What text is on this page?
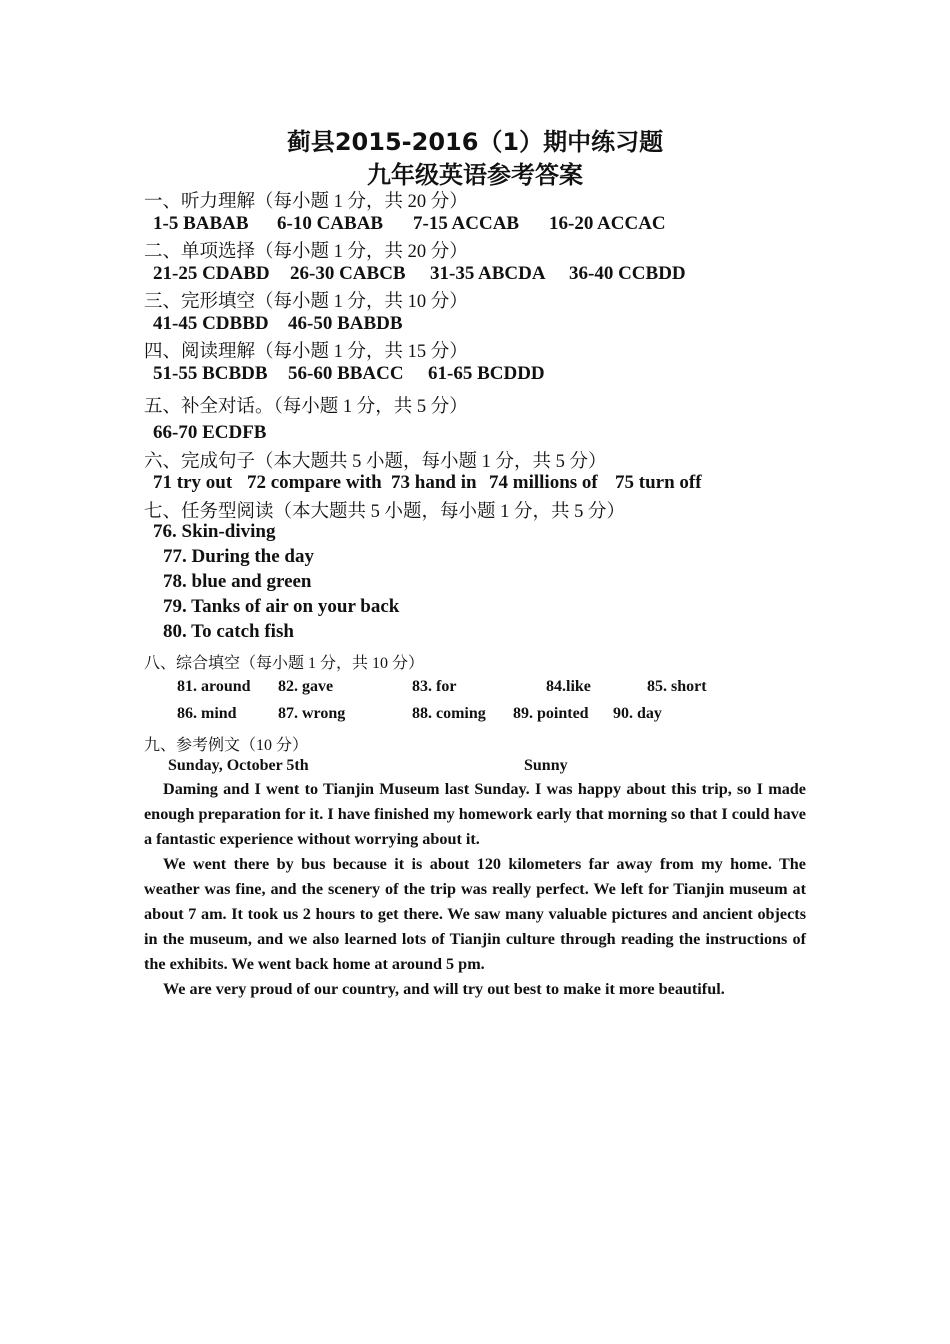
蓟县2015-2016（1）期中练习题
九年级英语参考答案
一、听力理解（每小题 1 分，共 20 分）
1-5 BABAB 6-10 CABAB 7-15 ACCAB 16-20 ACCAC
二、单项选择（每小题 1 分，共 20 分）
21-25 CDABD 26-30 CABCB 31-35 ABCDA 36-40 CCBDD
三、完形填空（每小题 1 分，共 10 分）
41-45 CDBBD 46-50 BABDB
四、阅读理解（每小题 1 分，共 15 分）
51-55 BCBDB 56-60 BBACC 61-65 BCDDD
五、补全对话。（每小题 1 分，共 5 分）
66-70 ECDFB
六、完成句子（本大题共 5 小题，每小题 1 分，共 5 分）
71 try out 72 compare with 73 hand in 74 millions of 75 turn off
七、任务型阅读（本大题共 5 小题，每小题 1 分，共 5 分）
76. Skin-diving
77. During the day
78. blue and green
79. Tanks of air on your back
80. To catch fish
八、综合填空（每小题 1 分，共 10 分）
81. around 82. gave	83. for	84.like	85. short
86. mind	87. wrong	88. coming 89. pointed 90. day
九、参考例文（10 分）
Sunday, October 5th	Sunny
Daming and I went to Tianjin Museum last Sunday. I was happy about this trip, so I made enough preparation for it. I have finished my homework early that morning so that I could have a fantastic experience without worrying about it.
We went there by bus because it is about 120 kilometers far away from my home. The weather was fine, and the scenery of the trip was really perfect. We left for Tianjin museum at about 7 am. It took us 2 hours to get there. We saw many valuable pictures and ancient objects in the museum, and we also learned lots of Tianjin culture through reading the instructions of the exhibits. We went back home at around 5 pm.
We are very proud of our country, and will try out best to make it more beautiful.
